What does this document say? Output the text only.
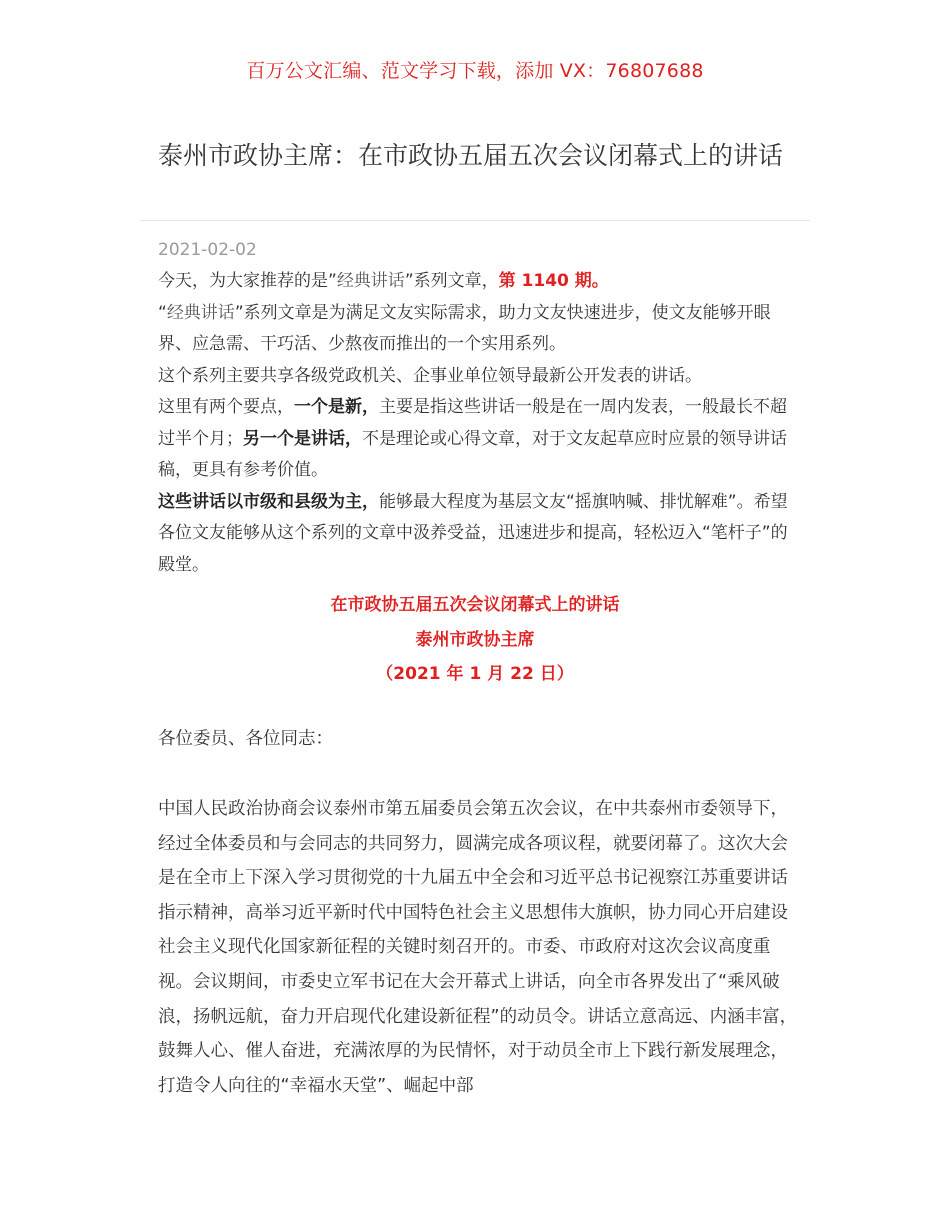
百万公文汇编、范文学习下载，添加 VX：76807688
泰州市政协主席：在市政协五届五次会议闭幕式上的讲话
2021-02-02

今天，为大家推荐的是”经典讲话”系列文章，第 1140 期。

“经典讲话”系列文章是为满足文友实际需求，助力文友快速进步，使文友能够开眼界、应急需、干巧活、少熬夜而推出的一个实用系列。

这个系列主要共享各级党政机关、企事业单位领导最新公开发表的讲话。

这里有两个要点，一个是新，主要是指这些讲话一般是在一周内发表，一般最长不超过半个月；另一个是讲话，不是理论或心得文章，对于文友起草应时应景的领导讲话稿，更具有参考价值。

这些讲话以市级和县级为主，能够最大程度为基层文友“摇旗呐喊、排忧解难”。希望各位文友能够从这个系列的文章中汲养受益，迅速进步和提高，轻松迈入“笔杆子”的殿堂。

在市政协五届五次会议闭幕式上的讲话
泰州市政协主席
（2021 年 1 月 22 日）

各位委员、各位同志：

中国人民政治协商会议泰州市第五届委员会第五次会议，在中共泰州市委领导下，经过全体委员和与会同志的共同努力，圆满完成各项议程，就要闭幕了。这次大会是在全市上下深入学习贯彻党的十九届五中全会和习近平总书记视察江苏重要讲话指示精神，高举习近平新时代中国特色社会主义思想伟大旗帜，协力同心开启建设社会主义现代化国家新征程的关键时刻召开的。市委、市政府对这次会议高度重视。会议期间，市委史立军书记在大会开幕式上讲话，向全市各界发出了“乘风破浪，扬帆远航，奋力开启现代化建设新征程”的动员令。讲话立意高远、内涵丰富，鼓舞人心、催人奋进，充满浓厚的为民情怀，对于动员全市上下践行新发展理念，打造令人向往的“幸福水天堂”、崛起中部
